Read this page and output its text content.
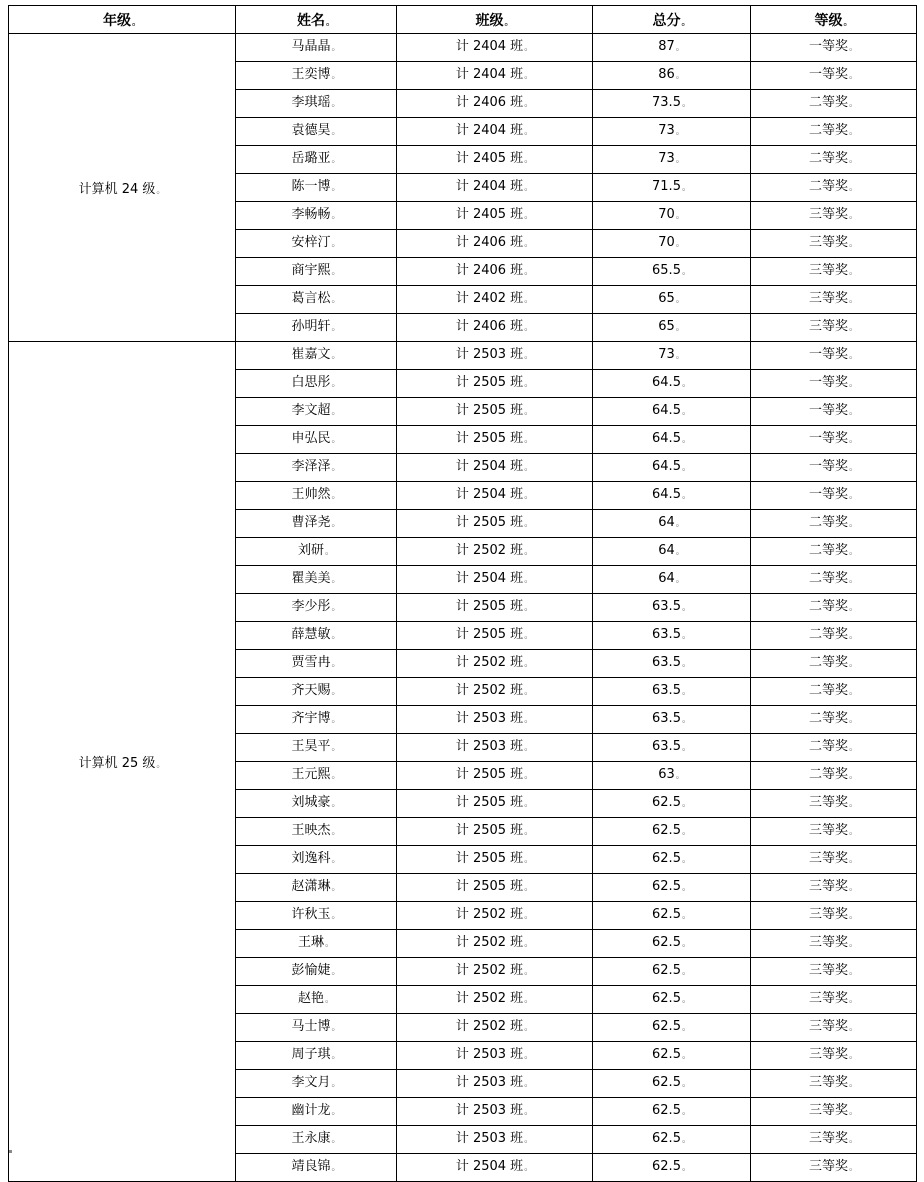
年级。	姓名。	班级。	总分。	等级。
计算机 24 级。	马晶晶。	计 2404 班。	87。	一等奖。
	王奕博。	计 2404 班。	86。	一等奖。
	李琪瑶。	计 2406 班。	73.5。	二等奖。
	袁德昊。	计 2404 班。	73。	二等奖。
	岳璐亚。	计 2405 班。	73。	二等奖。
	陈一博。	计 2404 班。	71.5。	二等奖。
	李畅畅。	计 2405 班。	70。	三等奖。
	安梓汀。	计 2406 班。	70。	三等奖。
	商宇熙。	计 2406 班。	65.5。	三等奖。
	葛言松。	计 2402 班。	65。	三等奖。
	孙明轩。	计 2406 班。	65。	三等奖。
计算机 25 级。	崔嘉文。	计 2503 班。	73。	一等奖。
	白思彤。	计 2505 班。	64.5。	一等奖。
	李文超。	计 2505 班。	64.5。	一等奖。
	申弘民。	计 2505 班。	64.5。	一等奖。
	李泽泽。	计 2504 班。	64.5。	一等奖。
	王帅然。	计 2504 班。	64.5。	一等奖。
	曹泽尧。	计 2505 班。	64。	二等奖。
	刘研。	计 2502 班。	64。	二等奖。
	瞿美美。	计 2504 班。	64。	二等奖。
	李少彤。	计 2505 班。	63.5。	二等奖。
	薛慧敏。	计 2505 班。	63.5。	二等奖。
	贾雪冉。	计 2502 班。	63.5。	二等奖。
	齐天赐。	计 2502 班。	63.5。	二等奖。
	齐宇博。	计 2503 班。	63.5。	二等奖。
	王昊平。	计 2503 班。	63.5。	二等奖。
	王元熙。	计 2505 班。	63。	二等奖。
	刘城豪。	计 2505 班。	62.5。	三等奖。
	王映杰。	计 2505 班。	62.5。	三等奖。
	刘逸科。	计 2505 班。	62.5。	三等奖。
	赵潇琳。	计 2505 班。	62.5。	三等奖。
	许秋玉。	计 2502 班。	62.5。	三等奖。
	王琳。	计 2502 班。	62.5。	三等奖。
	彭愉婕。	计 2502 班。	62.5。	三等奖。
	赵艳。	计 2502 班。	62.5。	三等奖。
	马士博。	计 2502 班。	62.5。	三等奖。
	周子琪。	计 2503 班。	62.5。	三等奖。
	李文月。	计 2503 班。	62.5。	三等奖。
	幽计龙。	计 2503 班。	62.5。	三等奖。
	王永康。	计 2503 班。	62.5。	三等奖。
	靖良锦。	计 2504 班。	62.5。	三等奖。
